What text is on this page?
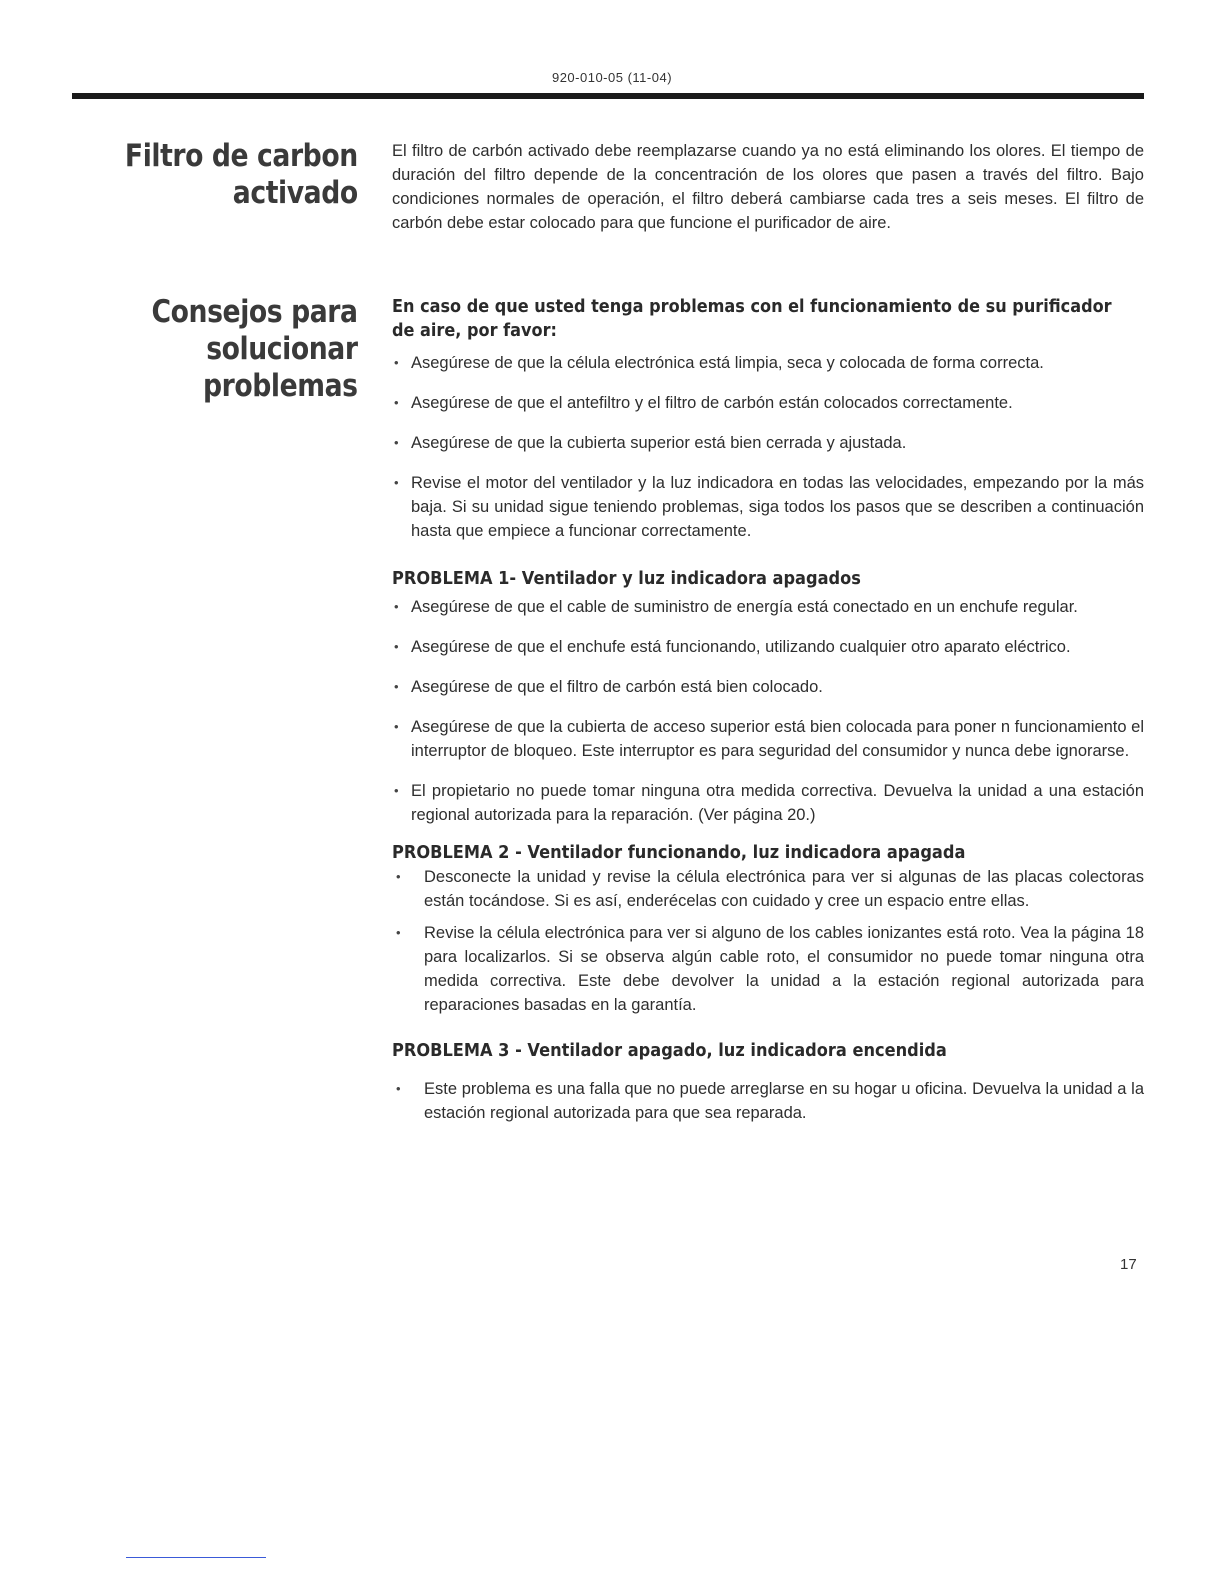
920-010-05 (11-04)
Filtro de carbon
activado

El filtro de carbón activado debe reemplazarse cuando ya no está eliminando los olores. El tiempo de duración del filtro depende de la concentración de los olores que pasen a través del filtro. Bajo condiciones normales de operación, el filtro deberá cambiarse cada tres a seis meses. El filtro de carbón debe estar colocado para que funcione el purificador de aire.

Consejos para
solucionar
problemas

En caso de que usted tenga problemas con el funcionamiento de su purificador de aire, por favor:

• Asegúrese de que la célula electrónica está limpia, seca y colocada de forma correcta.
• Asegúrese de que el antefiltro y el filtro de carbón están colocados correctamente.
• Asegúrese de que la cubierta superior está bien cerrada y ajustada.
• Revise el motor del ventilador y la luz indicadora en todas las velocidades, empezando por la más baja. Si su unidad sigue teniendo problemas, siga todos los pasos que se describen a continuación hasta que empiece a funcionar correctamente.

PROBLEMA 1- Ventilador y luz indicadora apagados

• Asegúrese de que el cable de suministro de energía está conectado en un enchufe regular.
• Asegúrese de que el enchufe está funcionando, utilizando cualquier otro aparato eléctrico.
• Asegúrese de que el filtro de carbón está bien colocado.
• Asegúrese de que la cubierta de acceso superior está bien colocada para poner n funcionamiento el interruptor de bloqueo. Este interruptor es para seguridad del consumidor y nunca debe ignorarse.
• El propietario no puede tomar ninguna otra medida correctiva. Devuelva la unidad a una estación regional autorizada para la reparación. (Ver página 20.)

PROBLEMA 2 - Ventilador funcionando, luz indicadora apagada

• Desconecte la unidad y revise la célula electrónica para ver si algunas de las placas colectoras están tocándose. Si es así, enderécelas con cuidado y cree un espacio entre ellas.
• Revise la célula electrónica para ver si alguno de los cables ionizantes está roto. Vea la página 18 para localizarlos. Si se observa algún cable roto, el consumidor no puede tomar ninguna otra medida correctiva. Este debe devolver la unidad a la estación regional autorizada para reparaciones basadas en la garantía.

PROBLEMA 3 - Ventilador apagado, luz indicadora encendida

• Este problema es una falla que no puede arreglarse en su hogar u oficina. Devuelva la unidad a la estación regional autorizada para que sea reparada.
17
